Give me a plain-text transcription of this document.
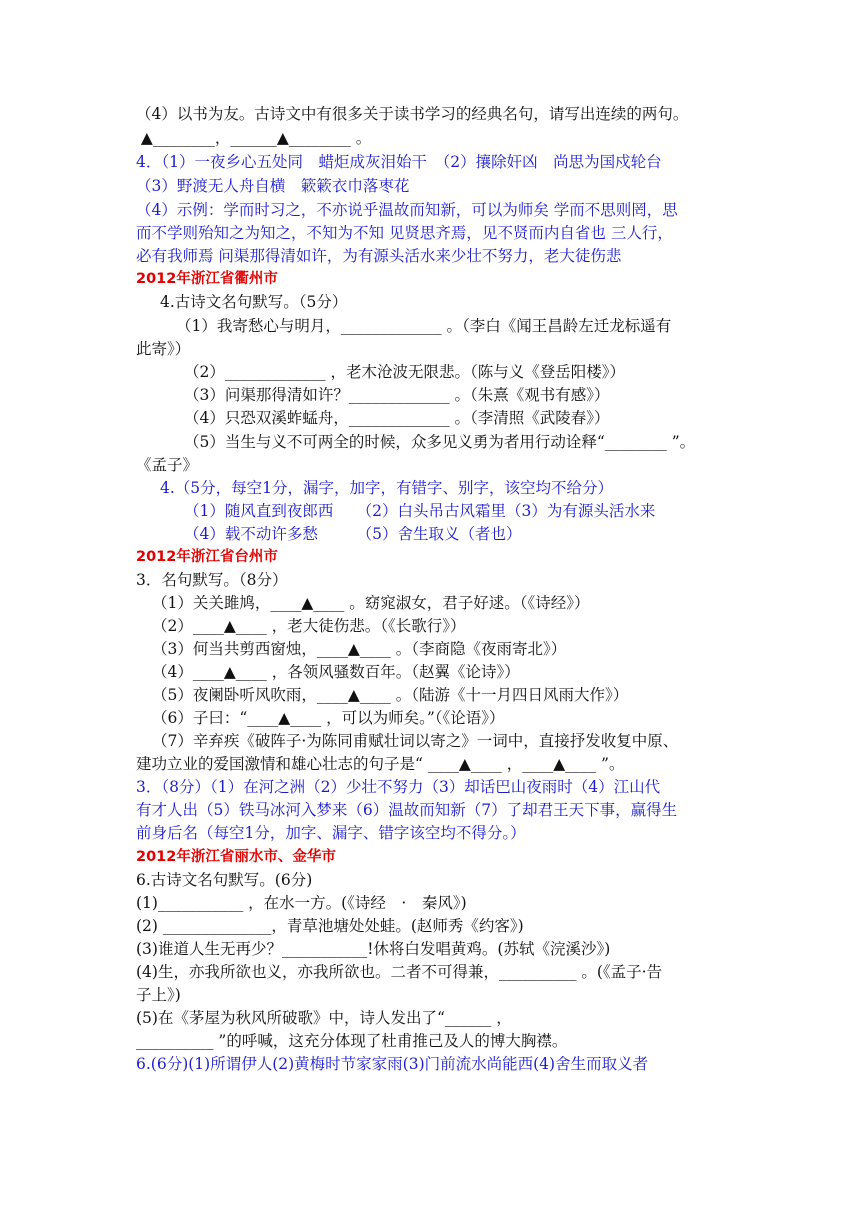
（4）以书为友。古诗文中有很多关于读书学习的经典名句，请写出连续的两句。
▲________，______▲________ 。
4．（1）一夜乡心五处同　蜡炬成灰泪始干　（2）攘除奸凶　尚思为国戍轮台
（3）野渡无人舟自横　簌簌衣巾落枣花
（4）示例：学而时习之，不亦说乎温故而知新，可以为师矣 学而不思则罔，思
而不学则殆知之为知之，不知为不知 见贤思齐焉，见不贤而内自省也 三人行，
必有我师焉 问渠那得清如许，为有源头活水来少壮不努力，老大徒伤悲
2012年浙江省衢州市
4.古诗文名句默写。（5分）
（1）我寄愁心与明月，_____________ 。（李白《闻王昌龄左迁龙标遥有
此寄》）
（2）_____________ ，老木沧波无限悲。（陈与义《登岳阳楼》）
（3）问渠那得清如许？_____________ 。（朱熹《观书有感》）
（4）只恐双溪蚱蜢舟，_____________ 。（李清照《武陵春》）
（5）当生与义不可两全的时候，众多见义勇为者用行动诠释“________ ”。
《孟子》
4.（5分，每空1分，漏字，加字，有错字、别字，该空均不给分）
（1）随风直到夜郎西　　（2）白头吊古风霜里（3）为有源头活水来
（4）载不动许多愁　　　（5）舍生取义（者也）
2012年浙江省台州市
3．名句默写。（8分）
（1）关关雎鸠，____▲____ 。窈窕淑女，君子好逑。（《诗经》）
（2）____▲____ ，老大徒伤悲。（《长歌行》）
（3）何当共剪西窗烛，____▲____ 。（李商隐《夜雨寄北》）
（4）____▲____ ，各领风骚数百年。（赵翼《论诗》）
（5）夜阑卧听风吹雨，____▲____ 。（陆游《十一月四日风雨大作》）
（6）子曰：“____▲____ ，可以为师矣。”（《论语》）
（7）辛弃疾《破阵子·为陈同甫赋壮词以寄之》一词中，直接抒发收复中原、
建功立业的爱国激情和雄心壮志的句子是“ ____▲____ ，____▲____ ”。
3．（8分）（1）在河之洲（2）少壮不努力（3）却话巴山夜雨时（4）江山代
有才人出（5）铁马冰河入梦来（6）温故而知新（7）了却君王天下事，赢得生
前身后名（每空1分，加字、漏字、错字该空均不得分。）
2012年浙江省丽水市、金华市
6.古诗文名句默写。(6分)
(1)___________ ，在水一方。(《诗经　·　秦风》)
(2) ______________，青草池塘处处蛙。(赵师秀《约客》)
(3)谁道人生无再少？___________!休将白发唱黄鸡。(苏轼《浣溪沙》)
(4)生，亦我所欲也义，亦我所欲也。二者不可得兼，__________ 。(《孟子·告
子上》)
(5)在《茅屋为秋风所破歌》中，诗人发出了“______ ，
__________ ”的呼喊，这充分体现了杜甫推己及人的博大胸襟。
6.(6分)(1)所谓伊人(2)黄梅时节家家雨(3)门前流水尚能西(4)舍生而取义者
